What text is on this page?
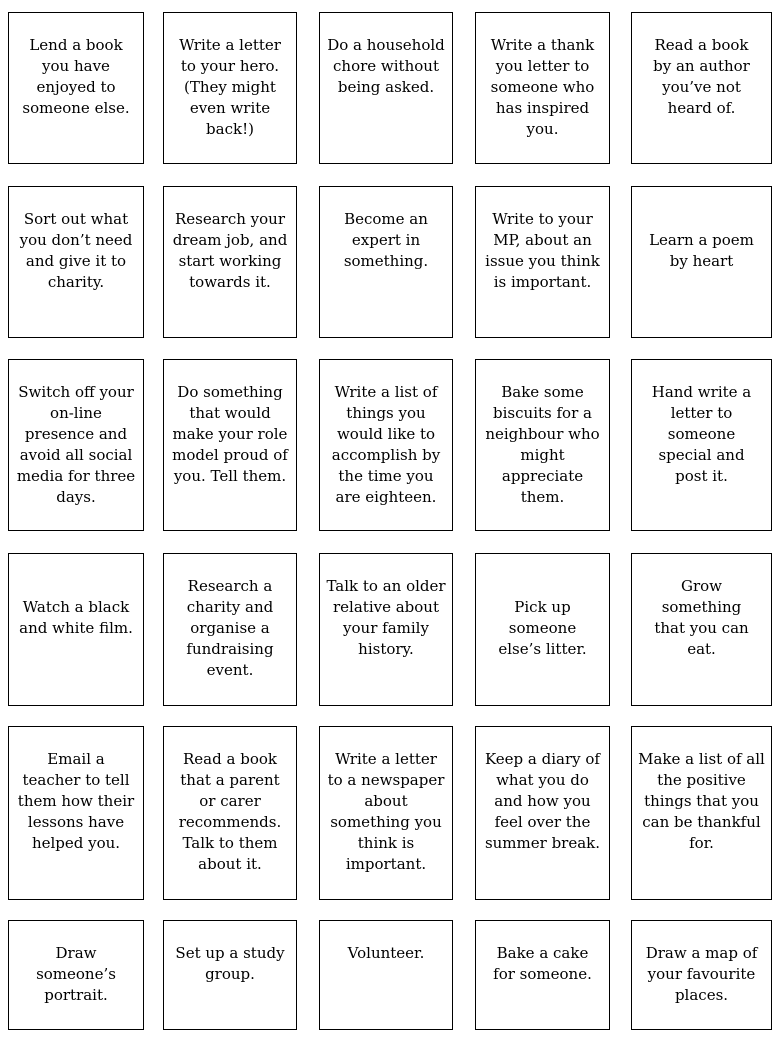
Lend a book you have enjoyed to someone else.
Write a letter to your hero. (They might even write back!)
Do a household chore without being asked.
Write a thank you letter to someone who has inspired you.
Read a book by an author you’ve not heard of.
Sort out what you don’t need and give it to charity.
Research your dream job, and start working towards it.
Become an expert in something.
Write to your MP, about an issue you think is important.
Learn a poem by heart
Switch off your on-line presence and avoid all social media for three days.
Do something that would make your role model proud of you. Tell them.
Write a list of things you would like to accomplish by the time you are eighteen.
Bake some biscuits for a neighbour who might appreciate them.
Hand write a letter to someone special and post it.
Watch a black and white film.
Research a charity and organise a fundraising event.
Talk to an older relative about your family history.
Pick up someone else’s litter.
Grow something that you can eat.
Email a teacher to tell them how their lessons have helped you.
Read a book that a parent or carer recommends. Talk to them about it.
Write a letter to a newspaper about something you think is important.
Keep a diary of what you do and how you feel over the summer break.
Make a list of all the positive things that you can be thankful for.
Draw someone’s portrait.
Set up a study group.
Volunteer.	Bake a cake for someone.
Draw a map of your favourite places.
